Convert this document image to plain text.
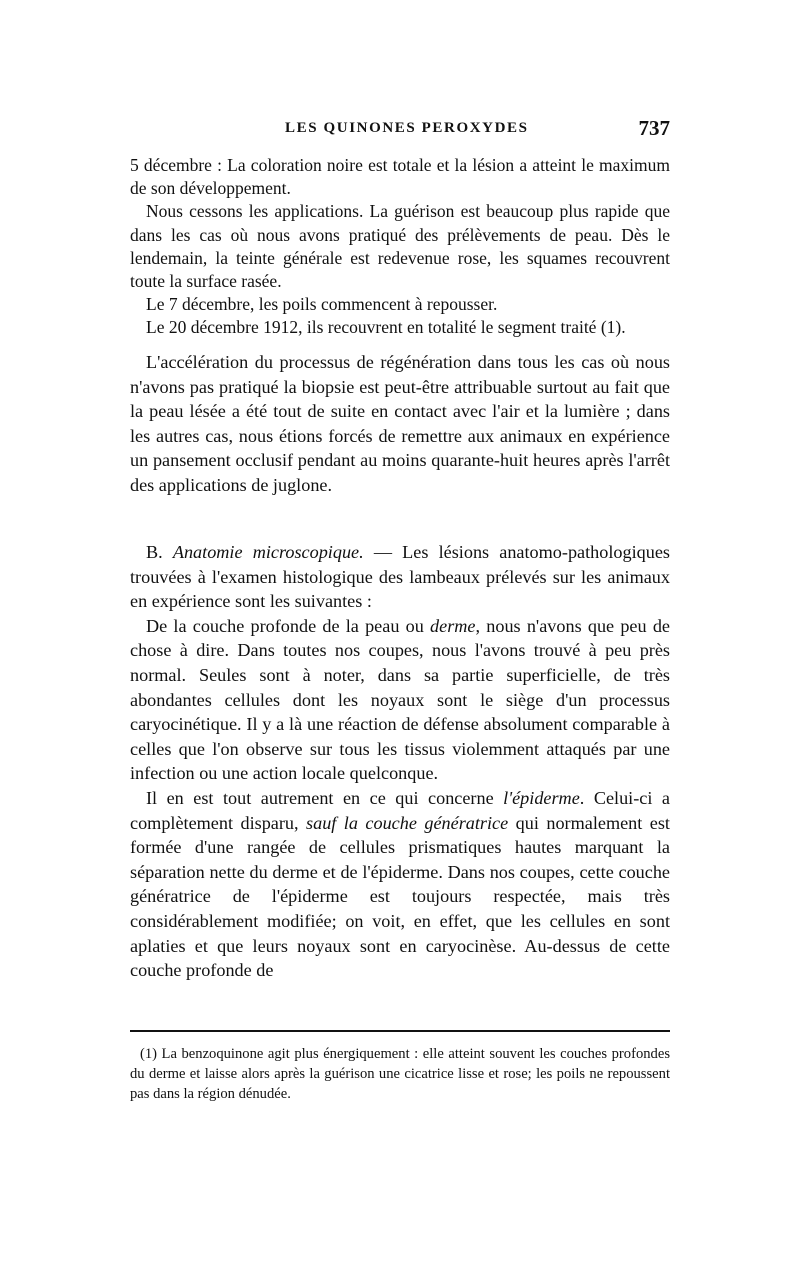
LES QUINONES PEROXYDES	737

5 décembre : La coloration noire est totale et la lésion a atteint le maximum de son développement.

Nous cessons les applications. La guérison est beaucoup plus rapide que dans les cas où nous avons pratiqué des prélèvements de peau. Dès le lendemain, la teinte générale est redevenue rose, les squames recouvrent toute la surface rasée.

Le 7 décembre, les poils commencent à repousser.

Le 20 décembre 1912, ils recouvrent en totalité le segment traité (1).

L'accélération du processus de régénération dans tous les cas où nous n'avons pas pratiqué la biopsie est peut-être attribuable surtout au fait que la peau lésée a été tout de suite en contact avec l'air et la lumière ; dans les autres cas, nous étions forcés de remettre aux animaux en expérience un pansement occlusif pendant au moins quarante-huit heures après l'arrêt des applications de juglone.

B. Anatomie microscopique. — Les lésions anatomo-pathologiques trouvées à l'examen histologique des lambeaux prélevés sur les animaux en expérience sont les suivantes :

De la couche profonde de la peau ou derme, nous n'avons que peu de chose à dire. Dans toutes nos coupes, nous l'avons trouvé à peu près normal. Seules sont à noter, dans sa partie superficielle, de très abondantes cellules dont les noyaux sont le siège d'un processus caryocinétique. Il y a là une réaction de défense absolument comparable à celles que l'on observe sur tous les tissus violemment attaqués par une infection ou une action locale quelconque.

Il en est tout autrement en ce qui concerne l'épiderme. Celui-ci a complètement disparu, sauf la couche génératrice qui normalement est formée d'une rangée de cellules prismatiques hautes marquant la séparation nette du derme et de l'épiderme. Dans nos coupes, cette couche génératrice de l'épiderme est toujours respectée, mais très considérablement modifiée; on voit, en effet, que les cellules en sont aplaties et que leurs noyaux sont en caryocinèse. Au-dessus de cette couche profonde de

(1) La benzoquinone agit plus énergiquement : elle atteint souvent les couches profondes du derme et laisse alors après la guérison une cicatrice lisse et rose; les poils ne repoussent pas dans la région dénudée.
